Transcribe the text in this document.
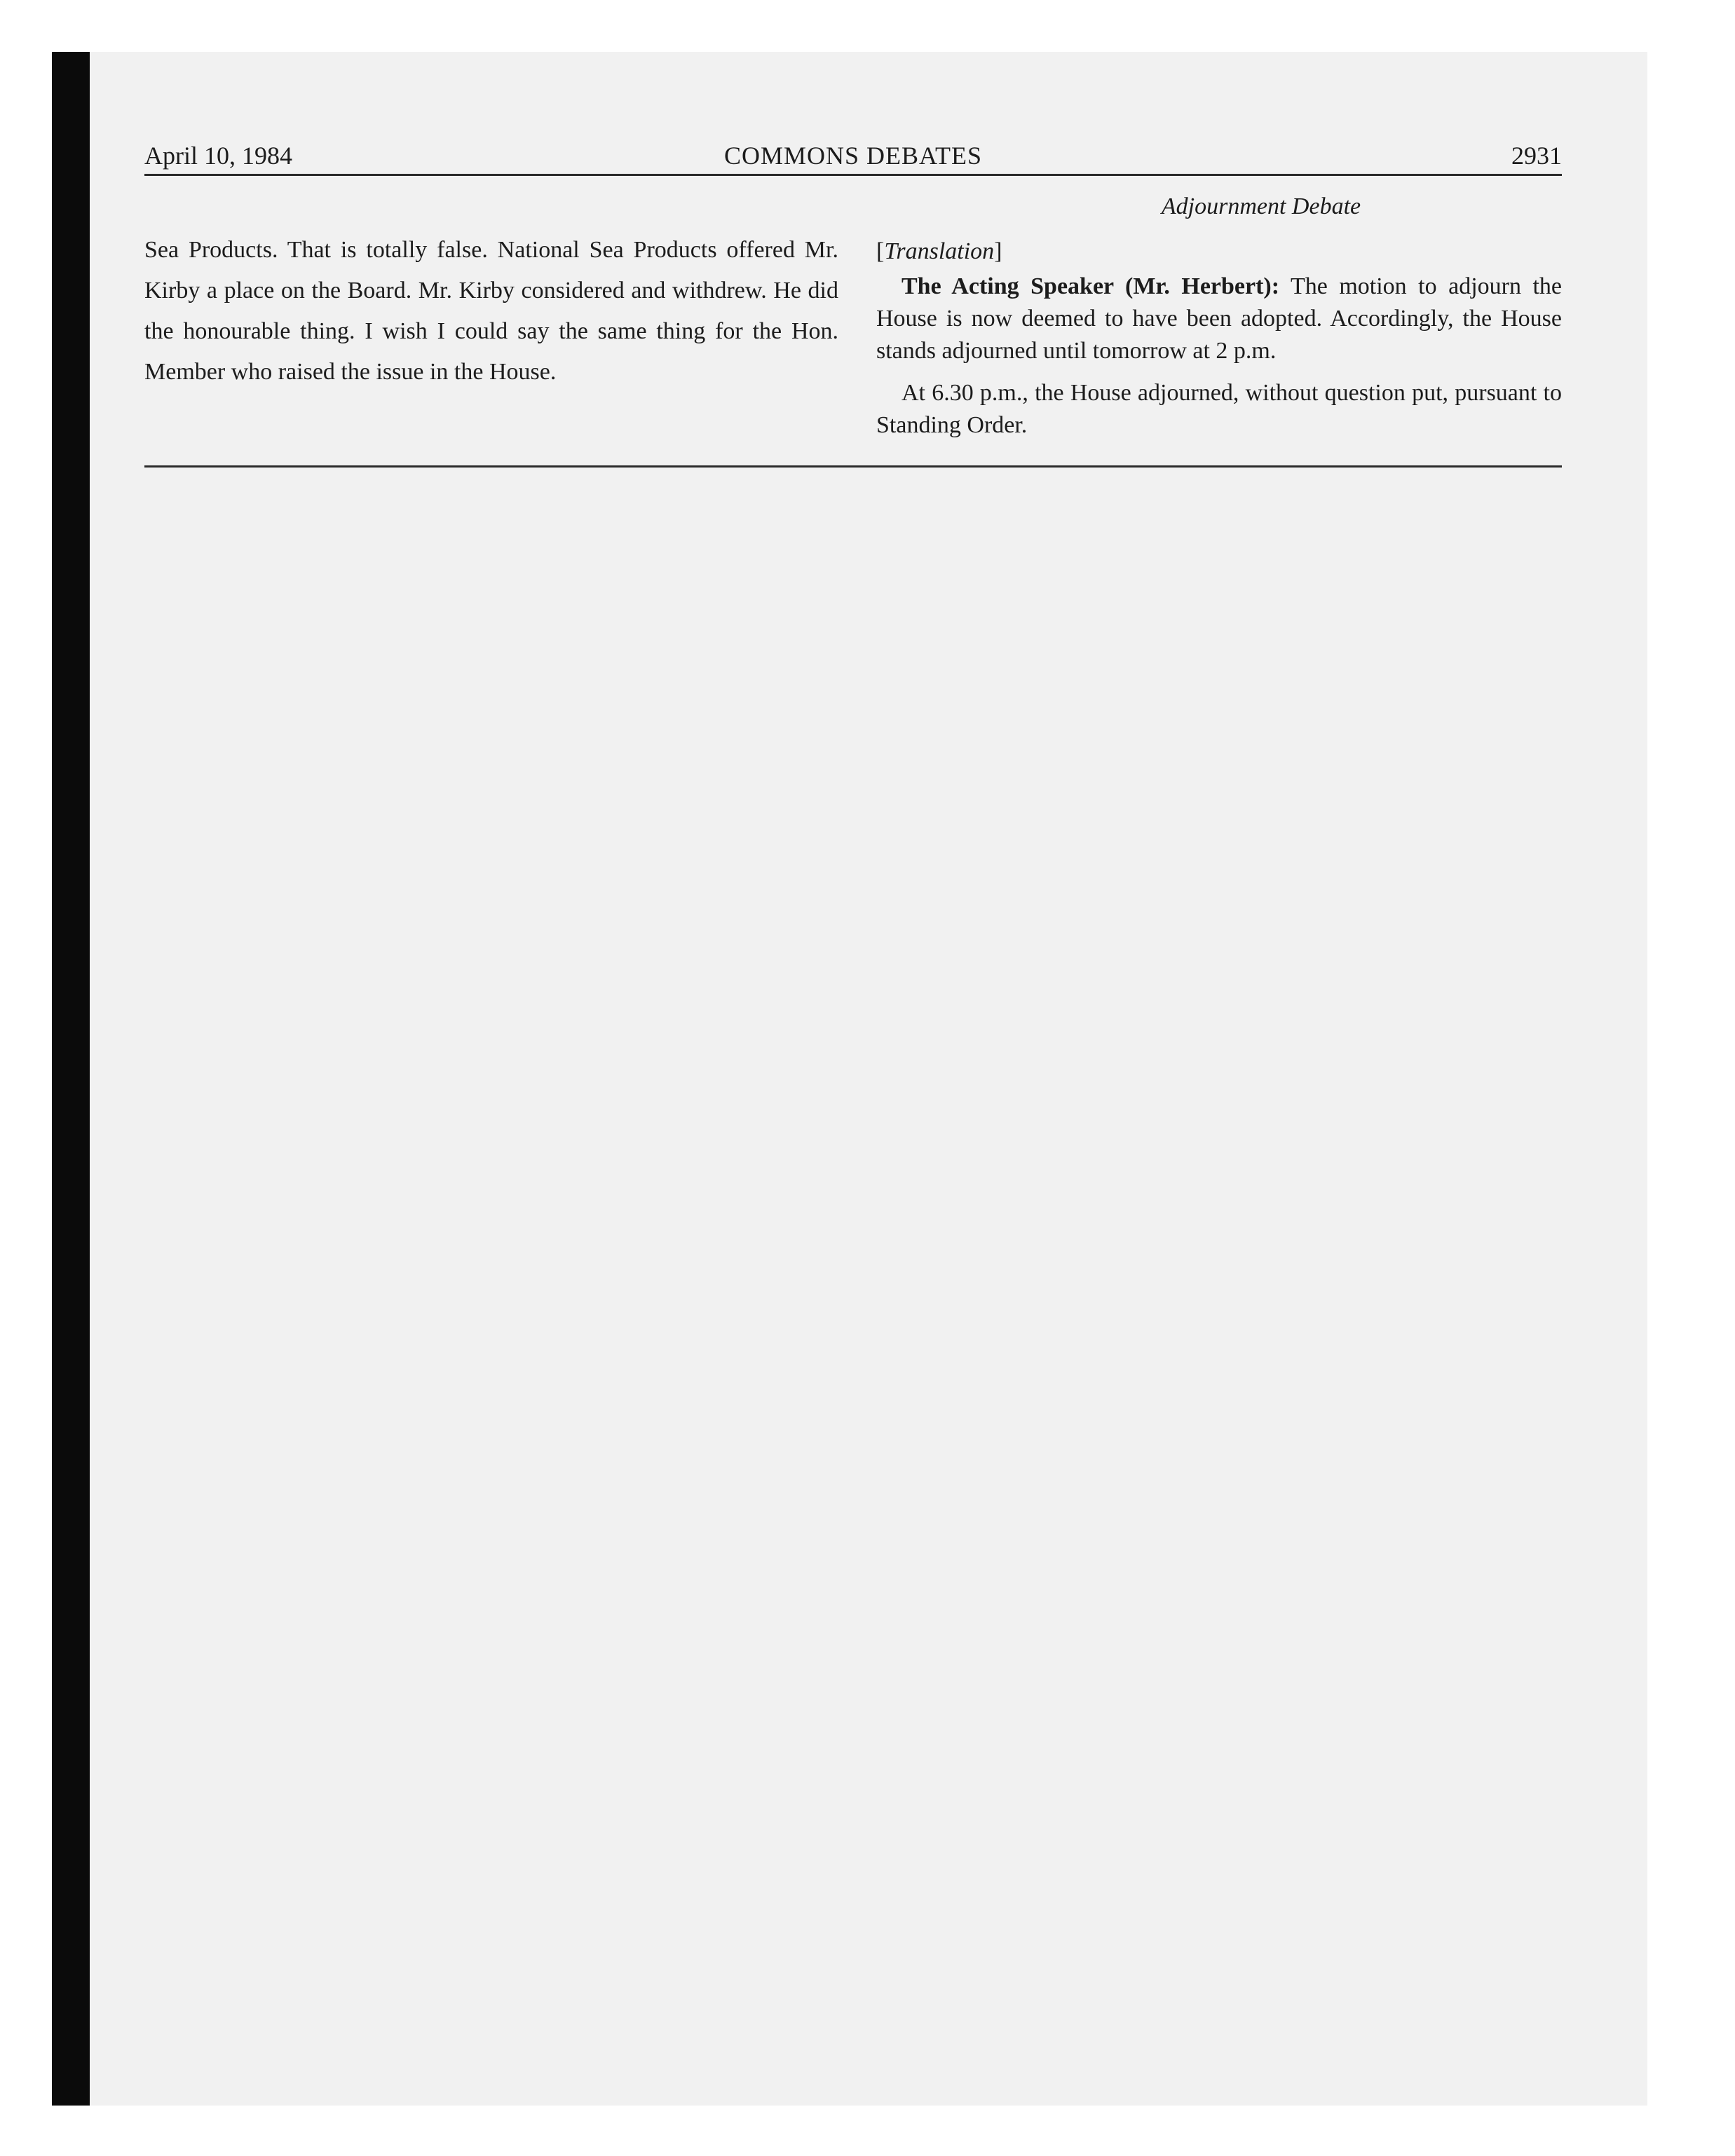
April 10, 1984	COMMONS DEBATES	2931

Sea Products. That is totally false. National Sea Products offered Mr. Kirby a place on the Board. Mr. Kirby considered and withdrew. He did the honourable thing. I wish I could say the same thing for the Hon. Member who raised the issue in the House.

Adjournment Debate

[Translation]

The Acting Speaker (Mr. Herbert): The motion to adjourn the House is now deemed to have been adopted. Accordingly, the House stands adjourned until tomorrow at 2 p.m.

At 6.30 p.m., the House adjourned, without question put, pursuant to Standing Order.
